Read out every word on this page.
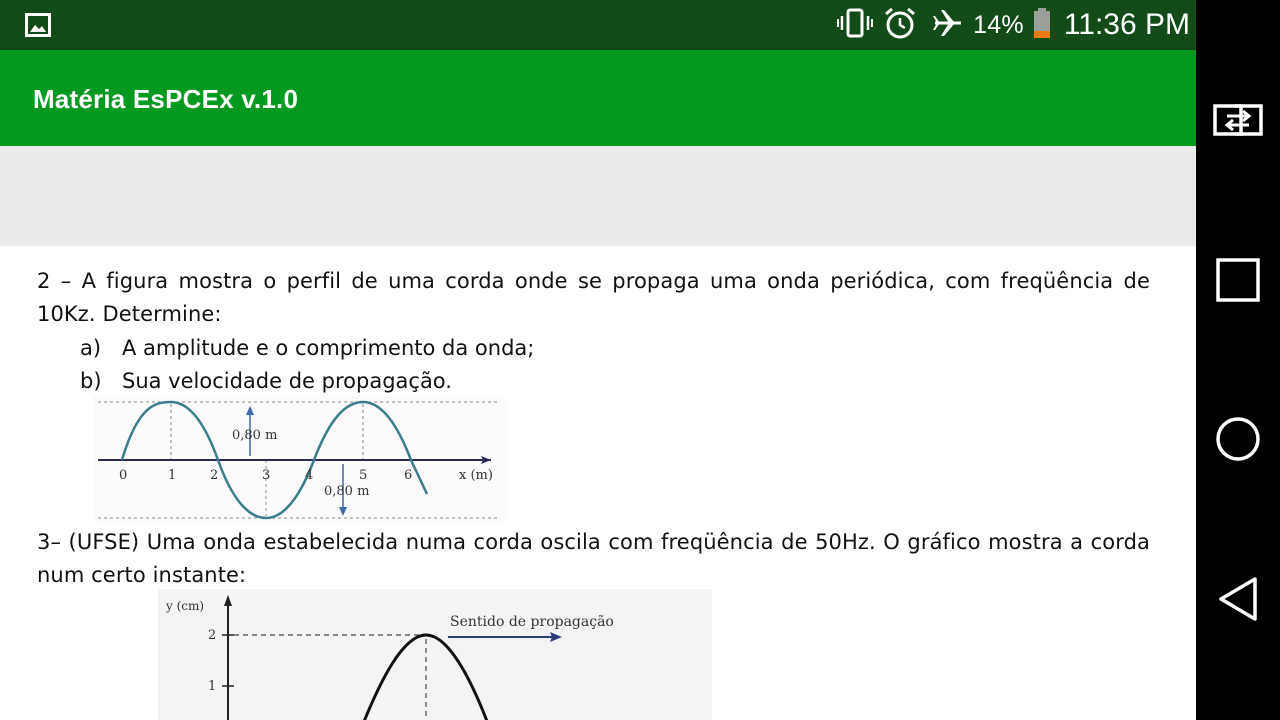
14% 11:36 PM
Matéria EsPCEx v.1.0
2 – A figura mostra o perfil de uma corda onde se propaga uma onda periódica, com freqüência de 10Kz. Determine:
a) A amplitude e o comprimento da onda;
b) Sua velocidade de propagação.
0,80 m
0,80 m
0	1	2	3	4	5	6	x (m)
3– (UFSE) Uma onda estabelecida numa corda oscila com freqüência de 50Hz. O gráfico mostra a corda num certo instante:
y (cm)
2
1
Sentido de propagação
